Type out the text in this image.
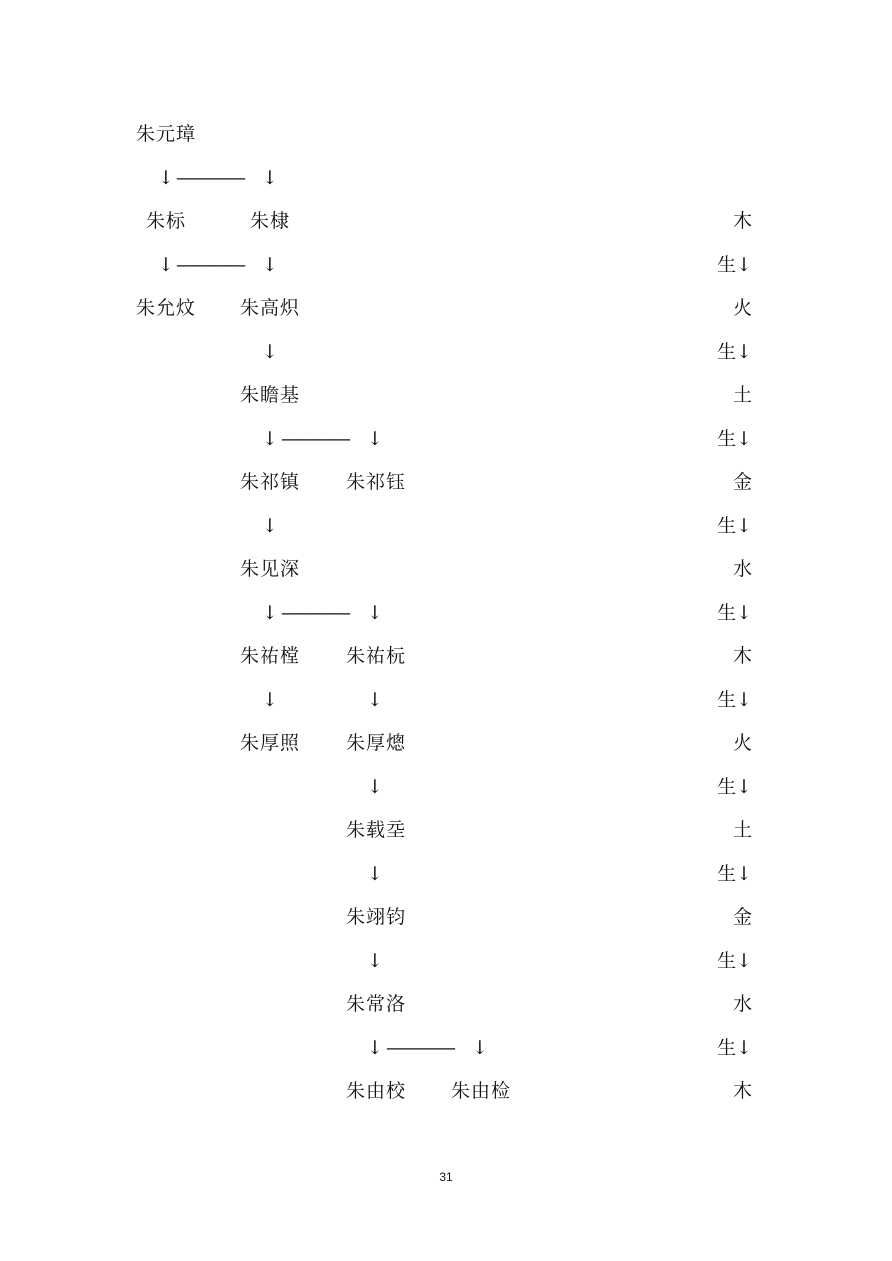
朱元璋
↓ ———— ↓
朱标	朱棣	木
↓ ———— ↓	生↓
朱允炆 朱高炽	火
↓	生↓
朱瞻基	土
↓ ———— ↓	生↓
朱祁镇 朱祁钰	金
↓	生↓
朱见深	水
↓ ———— ↓	生↓
朱祐樘 朱祐杬	木
↓	↓	生↓
朱厚照 朱厚熜	火
↓	生↓
朱载坖	土
↓	生↓
朱翊钧	金
↓	生↓
朱常洛	水
↓ ———— ↓	生↓
朱由校 朱由检	木
31
